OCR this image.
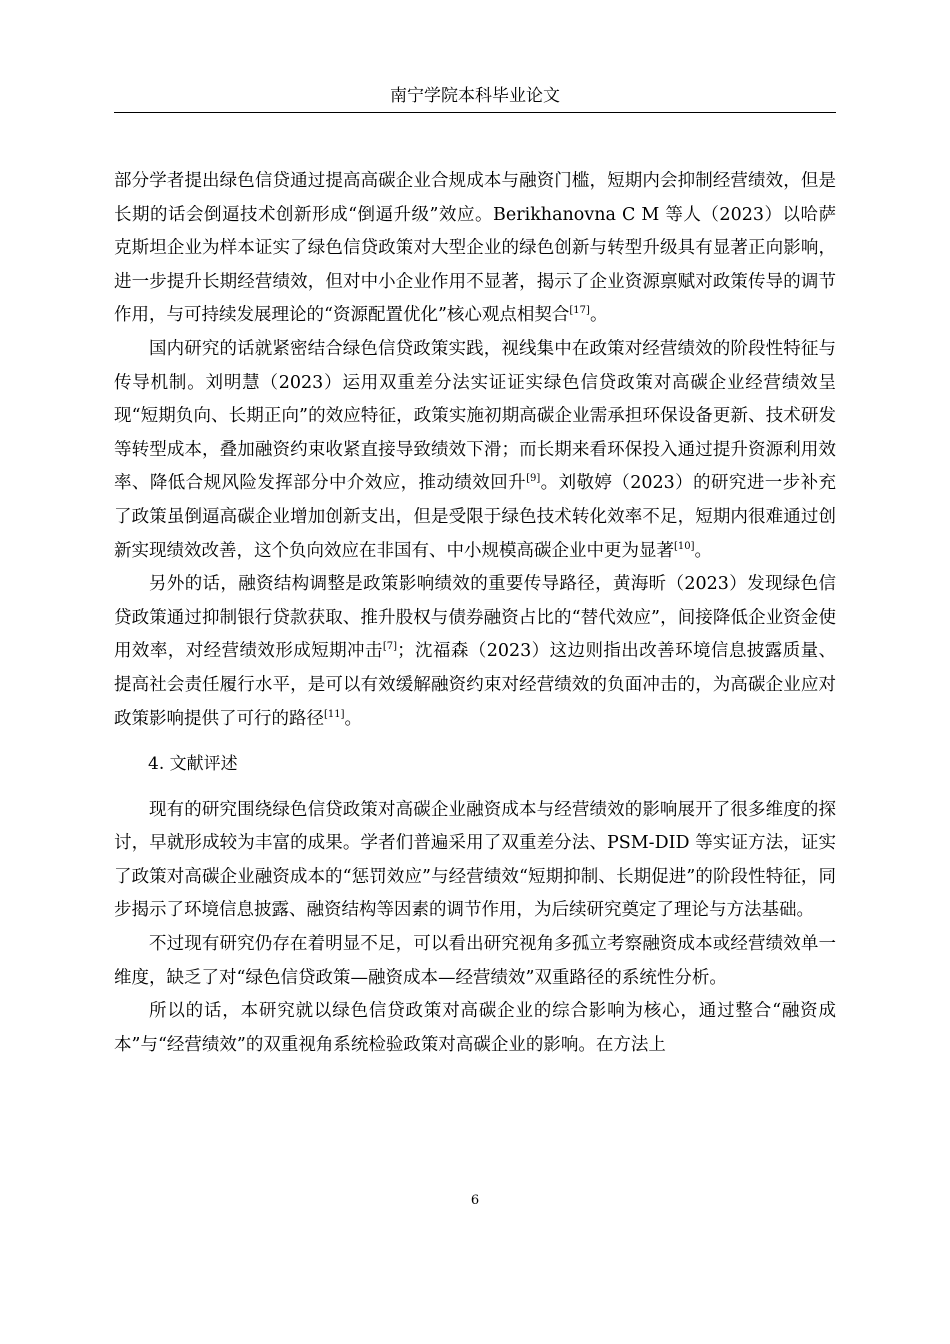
南宁学院本科毕业论文

部分学者提出绿色信贷通过提高高碳企业合规成本与融资门槛，短期内会抑制经营绩效，但是长期的话会倒逼技术创新形成“倒逼升级”效应。Berikhanovna C M 等人（2023）以哈萨克斯坦企业为样本证实了绿色信贷政策对大型企业的绿色创新与转型升级具有显著正向影响，进一步提升长期经营绩效，但对中小企业作用不显著，揭示了企业资源禀赋对政策传导的调节作用，与可持续发展理论的“资源配置优化”核心观点相契合[17]。

国内研究的话就紧密结合绿色信贷政策实践，视线集中在政策对经营绩效的阶段性特征与传导机制。刘明慧（2023）运用双重差分法实证证实绿色信贷政策对高碳企业经营绩效呈现“短期负向、长期正向”的效应特征，政策实施初期高碳企业需承担环保设备更新、技术研发等转型成本，叠加融资约束收紧直接导致绩效下滑；而长期来看环保投入通过提升资源利用效率、降低合规风险发挥部分中介效应，推动绩效回升[9]。刘敬婷（2023）的研究进一步补充了政策虽倒逼高碳企业增加创新支出，但是受限于绿色技术转化效率不足，短期内很难通过创新实现绩效改善，这个负向效应在非国有、中小规模高碳企业中更为显著[10]。

另外的话，融资结构调整是政策影响绩效的重要传导路径，黄海昕（2023）发现绿色信贷政策通过抑制银行贷款获取、推升股权与债券融资占比的“替代效应”，间接降低企业资金使用效率，对经营绩效形成短期冲击[7]；沈福森（2023）这边则指出改善环境信息披露质量、提高社会责任履行水平，是可以有效缓解融资约束对经营绩效的负面冲击的，为高碳企业应对政策影响提供了可行的路径[11]。

4. 文献评述

现有的研究围绕绿色信贷政策对高碳企业融资成本与经营绩效的影响展开了很多维度的探讨，早就形成较为丰富的成果。学者们普遍采用了双重差分法、PSM-DID 等实证方法，证实了政策对高碳企业融资成本的“惩罚效应”与经营绩效“短期抑制、长期促进”的阶段性特征，同步揭示了环境信息披露、融资结构等因素的调节作用，为后续研究奠定了理论与方法基础。

不过现有研究仍存在着明显不足，可以看出研究视角多孤立考察融资成本或经营绩效单一维度，缺乏了对“绿色信贷政策—融资成本—经营绩效”双重路径的系统性分析。

所以的话，本研究就以绿色信贷政策对高碳企业的综合影响为核心，通过整合“融资成本”与“经营绩效”的双重视角系统检验政策对高碳企业的影响。在方法上

6
